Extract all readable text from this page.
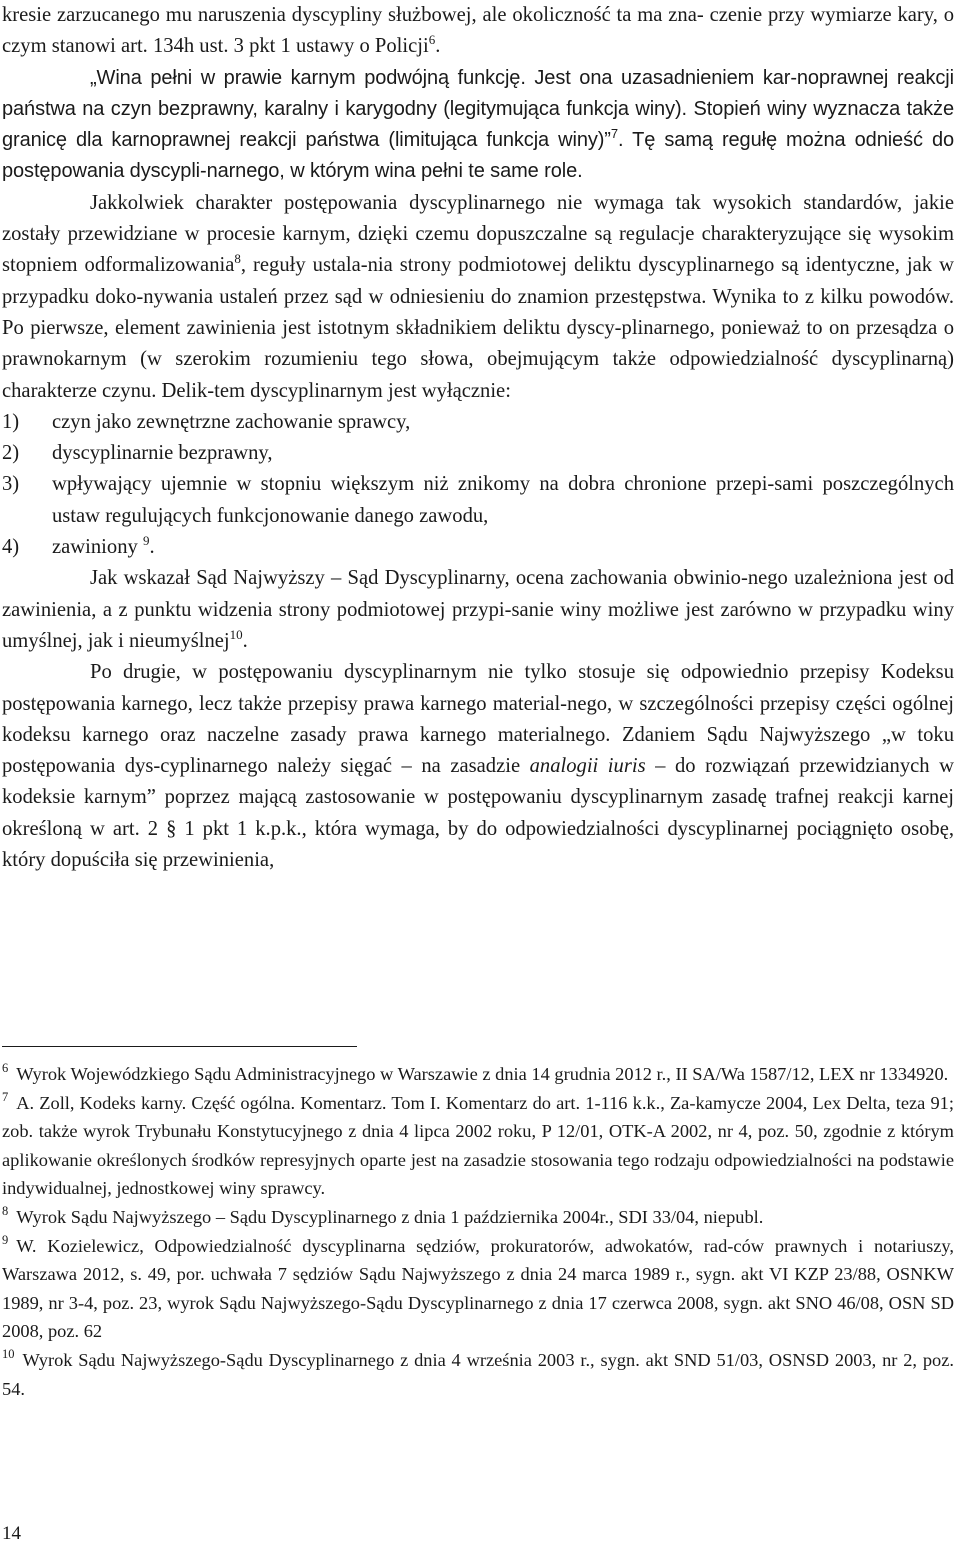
kresie zarzucanego mu naruszenia dyscypliny służbowej, ale okoliczność ta ma zna- czenie przy wymiarze kary, o czym stanowi art. 134h ust. 3 pkt 1 ustawy o Policji$^6$.

„Wina pełni w prawie karnym podwójną funkcję. Jest ona uzasadnieniem kar-noprawnej reakcji państwa na czyn bezprawny, karalny i karygodny (legitymująca funkcja winy). Stopień winy wyznacza także granicę dla karnoprawnej reakcji państwa (limitująca funkcja winy)”$^7$. Tę samą regułę można odnieść do postępowania dyscypli-narnego, w którym wina pełni te same role.

Jakkolwiek charakter postępowania dyscyplinarnego nie wymaga tak wysokich standardów, jakie zostały przewidziane w procesie karnym, dzięki czemu dopuszczalne są regulacje charakteryzujące się wysokim stopniem odformalizowania$^8$, reguły ustala-nia strony podmiotowej deliktu dyscyplinarnego są identyczne, jak w przypadku doko-nywania ustaleń przez sąd w odniesieniu do znamion przestępstwa. Wynika to z kilku powodów. Po pierwsze, element zawinienia jest istotnym składnikiem deliktu dyscy-plinarnego, ponieważ to on przesądza o prawnokarnym (w szerokim rozumieniu tego słowa, obejmującym także odpowiedzialność dyscyplinarną) charakterze czynu. Delik-tem dyscyplinarnym jest wyłącznie:

1) czyn jako zewnętrzne zachowanie sprawcy,
2) dyscyplinarnie bezprawny,
3) wpływający ujemnie w stopniu większym niż znikomy na dobra chronione przepi-sami poszczególnych ustaw regulujących funkcjonowanie danego zawodu,
4) zawiniony $^9$.

Jak wskazał Sąd Najwyższy – Sąd Dyscyplinarny, ocena zachowania obwinio-nego uzależniona jest od zawinienia, a z punktu widzenia strony podmiotowej przypi-sanie winy możliwe jest zarówno w przypadku winy umyślnej, jak i nieumyślnej$^{10}$.

Po drugie, w postępowaniu dyscyplinarnym nie tylko stosuje się odpowiednio przepisy Kodeksu postępowania karnego, lecz także przepisy prawa karnego material-nego, w szczególności przepisy części ogólnej kodeksu karnego oraz naczelne zasady prawa karnego materialnego. Zdaniem Sądu Najwyższego „w toku postępowania dys-cyplinarnego należy sięgać – na zasadzie analogii iuris – do rozwiązań przewidzianych w kodeksie karnym” poprzez mającą zastosowanie w postępowaniu dyscyplinarnym zasadę trafnej reakcji karnej określoną w art. 2 § 1 pkt 1 k.p.k., która wymaga, by do odpowiedzialności dyscyplinarnej pociągnięto osobę, który dopuściła się przewinienia,

$^6$ Wyrok Wojewódzkiego Sądu Administracyjnego w Warszawie z dnia 14 grudnia 2012 r., II SA/Wa 1587/12, LEX nr 1334920.

$^7$ A. Zoll, Kodeks karny. Część ogólna. Komentarz. Tom I. Komentarz do art. 1-116 k.k., Za-kamycze 2004, Lex Delta, teza 91; zob. także wyrok Trybunału Konstytucyjnego z dnia 4 lipca 2002 roku, P 12/01, OTK-A 2002, nr 4, poz. 50, zgodnie z którym aplikowanie określonych środków represyjnych oparte jest na zasadzie stosowania tego rodzaju odpowiedzialności na podstawie indywidualnej, jednostkowej winy sprawcy.

$^8$ Wyrok Sądu Najwyższego – Sądu Dyscyplinarnego z dnia 1 października 2004r., SDI 33/04, niepubl.

$^9$ W. Kozielewicz, Odpowiedzialność dyscyplinarna sędziów, prokuratorów, adwokatów, rad-ców prawnych i notariuszy, Warszawa 2012, s. 49, por. uchwała 7 sędziów Sądu Najwyższego z dnia 24 marca 1989 r., sygn. akt VI KZP 23/88, OSNKW 1989, nr 3-4, poz. 23, wyrok Sądu Najwyższego-Sądu Dyscyplinarnego z dnia 17 czerwca 2008, sygn. akt SNO 46/08, OSN SD 2008, poz. 62

$^{10}$ Wyrok Sądu Najwyższego-Sądu Dyscyplinarnego z dnia 4 września 2003 r., sygn. akt SND 51/03, OSNSD 2003, nr 2, poz. 54.

14
